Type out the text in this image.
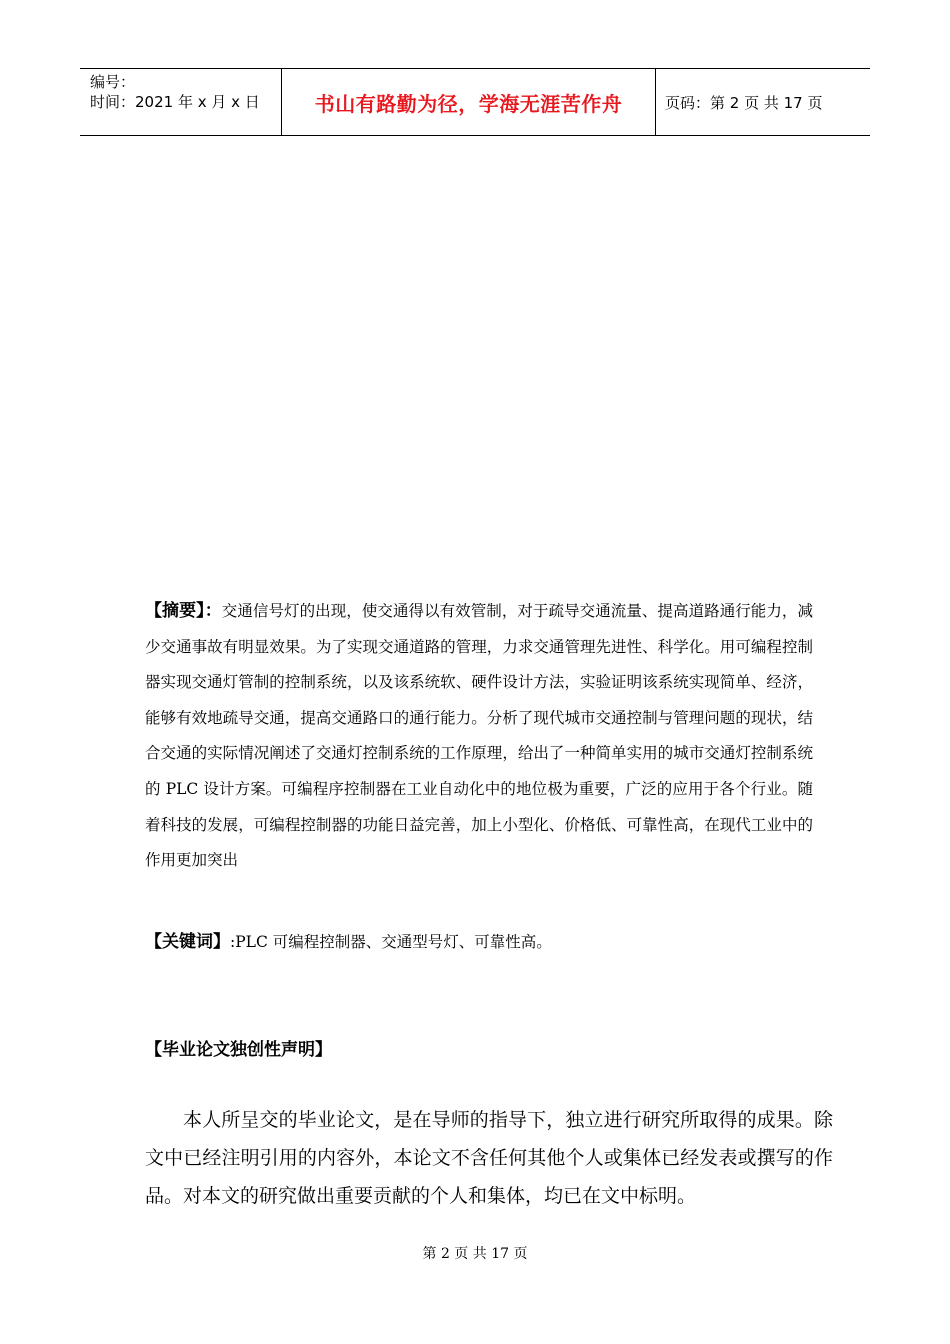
编号：
时间：2021 年 x 月 x 日	书山有路勤为径，学海无涯苦作舟	页码：第 2 页 共 17 页

【摘要】：交通信号灯的出现，使交通得以有效管制，对于疏导交通流量、提高道路通行能力，减少交通事故有明显效果。为了实现交通道路的管理，力求交通管理先进性、科学化。用可编程控制器实现交通灯管制的控制系统，以及该系统软、硬件设计方法，实验证明该系统实现简单、经济，能够有效地疏导交通，提高交通路口的通行能力。分析了现代城市交通控制与管理问题的现状，结合交通的实际情况阐述了交通灯控制系统的工作原理，给出了一种简单实用的城市交通灯控制系统的 PLC 设计方案。可编程序控制器在工业自动化中的地位极为重要，广泛的应用于各个行业。随着科技的发展，可编程控制器的功能日益完善，加上小型化、价格低、可靠性高，在现代工业中的作用更加突出

【关键词】:PLC 可编程控制器、交通型号灯、可靠性高。

【毕业论文独创性声明】

本人所呈交的毕业论文，是在导师的指导下，独立进行研究所取得的成果。除文中已经注明引用的内容外，本论文不含任何其他个人或集体已经发表或撰写的作品。对本文的研究做出重要贡献的个人和集体，均已在文中标明。

第 2 页 共 17 页
